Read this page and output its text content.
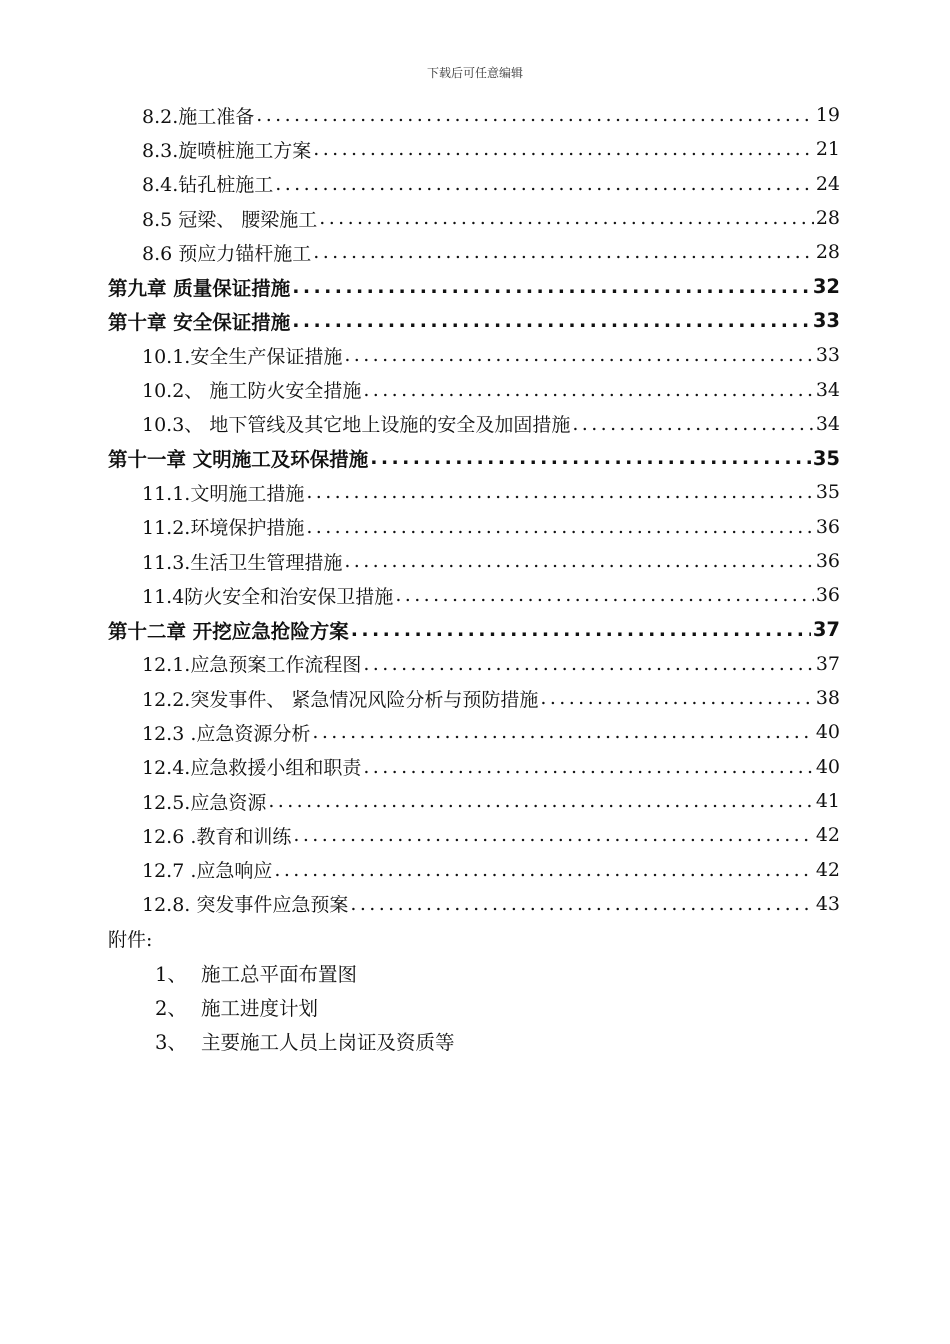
下载后可任意编辑

8.2.施工准备 .....	19
8.3.旋喷桩施工方案 .....	21
8.4.钻孔桩施工 .....	24
8.5 冠梁、 腰梁施工 .....	28
8.6 预应力锚杆施工 .....	28
第九章 质量保证措施 .....	32
第十章 安全保证措施 .....	33
10.1.安全生产保证措施 .....	33
10.2、 施工防火安全措施 .....	34
10.3、 地下管线及其它地上设施的安全及加固措施 .....	34
第十一章 文明施工及环保措施 .....	35
11.1.文明施工措施 .....	35
11.2.环境保护措施 .....	36
11.3.生活卫生管理措施 .....	36
11.4防火安全和治安保卫措施 .....	36
第十二章 开挖应急抢险方案 .....	37
12.1.应急预案工作流程图 .....	37
12.2.突发事件、 紧急情况风险分析与预防措施 .....	38
12.3 .应急资源分析 .....	40
12.4.应急救援小组和职责 .....	40
12.5.应急资源 .....	41
12.6 .教育和训练 .....	42
12.7 .应急响应 .....	42
12.8. 突发事件应急预案 .....	43
附件:
1、 施工总平面布置图
2、 施工进度计划
3、 主要施工人员上岗证及资质等
